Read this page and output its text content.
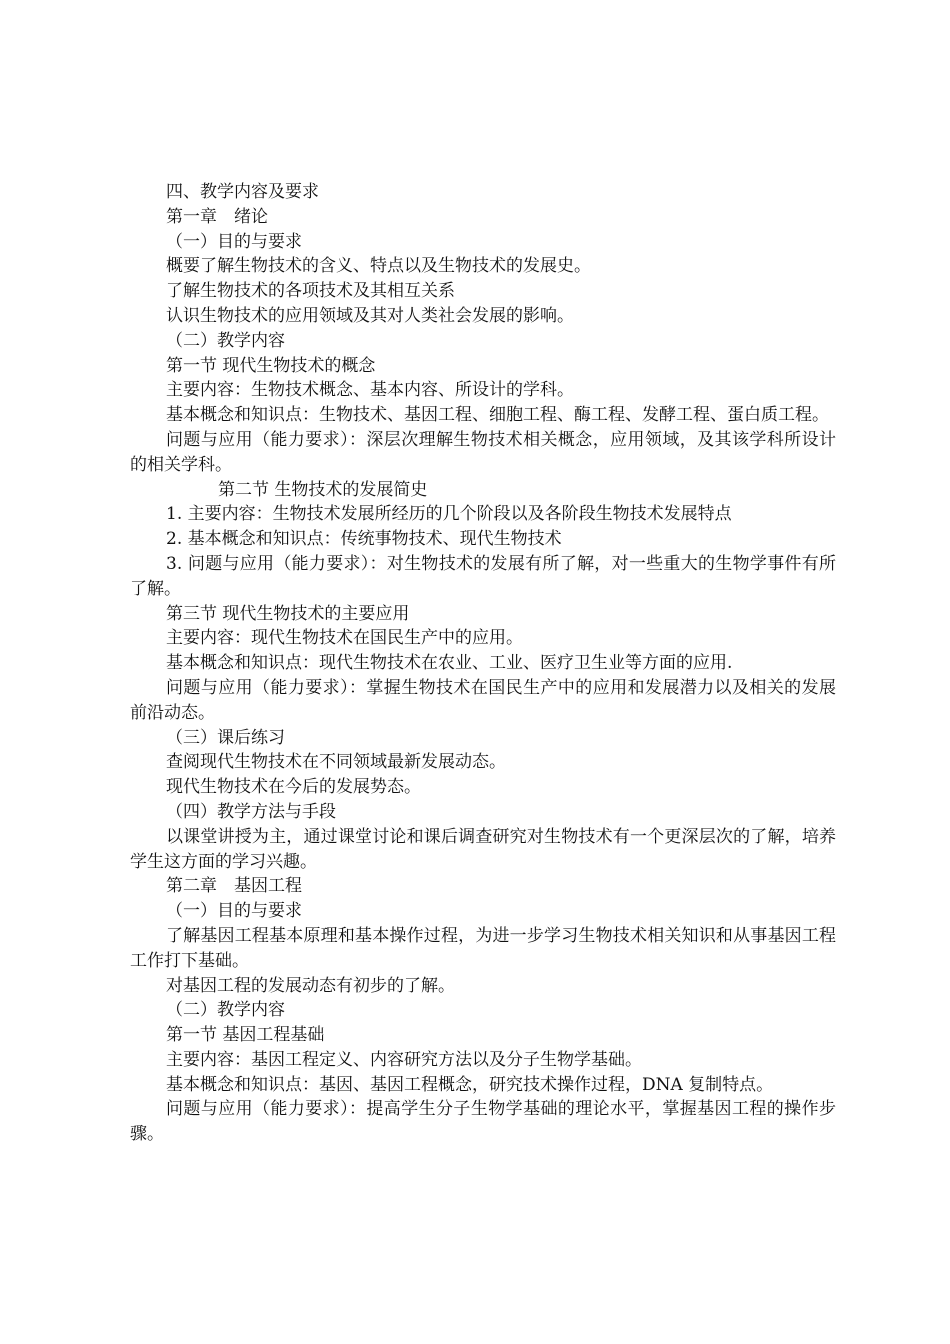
四、教学内容及要求

第一章　绪论

（一）目的与要求

概要了解生物技术的含义、特点以及生物技术的发展史。

了解生物技术的各项技术及其相互关系

认识生物技术的应用领域及其对人类社会发展的影响。

（二）教学内容

第一节 现代生物技术的概念

主要内容：生物技术概念、基本内容、所设计的学科。

基本概念和知识点：生物技术、基因工程、细胞工程、酶工程、发酵工程、蛋白质工程。

问题与应用（能力要求）：深层次理解生物技术相关概念，应用领域，及其该学科所设计的相关学科。

第二节 生物技术的发展简史

1. 主要内容：生物技术发展所经历的几个阶段以及各阶段生物技术发展特点

2. 基本概念和知识点：传统事物技术、现代生物技术

3. 问题与应用（能力要求）：对生物技术的发展有所了解，对一些重大的生物学事件有所了解。

第三节 现代生物技术的主要应用

主要内容：现代生物技术在国民生产中的应用。

基本概念和知识点：现代生物技术在农业、工业、医疗卫生业等方面的应用.

问题与应用（能力要求）：掌握生物技术在国民生产中的应用和发展潜力以及相关的发展前沿动态。

（三）课后练习

查阅现代生物技术在不同领域最新发展动态。

现代生物技术在今后的发展势态。

（四）教学方法与手段

以课堂讲授为主，通过课堂讨论和课后调查研究对生物技术有一个更深层次的了解，培养学生这方面的学习兴趣。

第二章　基因工程

（一）目的与要求

了解基因工程基本原理和基本操作过程，为进一步学习生物技术相关知识和从事基因工程工作打下基础。

对基因工程的发展动态有初步的了解。

（二）教学内容

第一节 基因工程基础

主要内容：基因工程定义、内容研究方法以及分子生物学基础。

基本概念和知识点：基因、基因工程概念，研究技术操作过程，DNA 复制特点。

问题与应用（能力要求）：提高学生分子生物学基础的理论水平，掌握基因工程的操作步骤。
